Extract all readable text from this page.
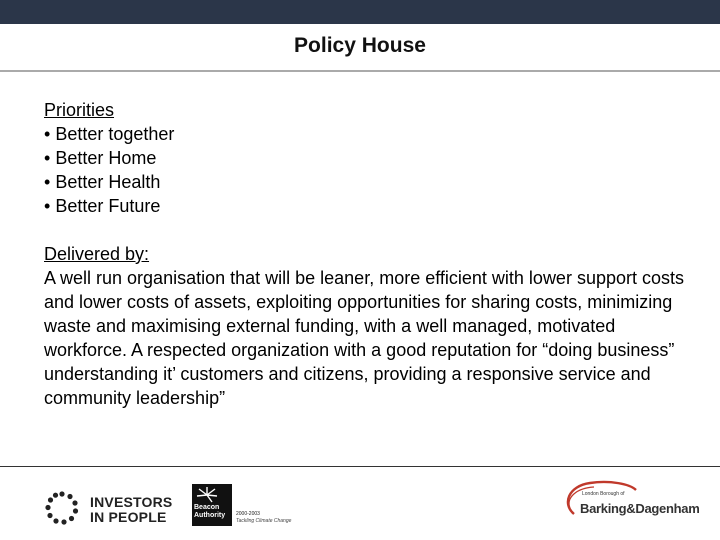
Policy House
Priorities
• Better together
• Better Home
• Better Health
• Better Future
Delivered by:
A well run organisation that will be leaner, more efficient with lower support costs and lower costs of assets, exploiting opportunities for sharing costs, minimizing waste and maximising external funding, with a well managed, motivated workforce. A respected organization with a good reputation for “doing business” understanding it’ customers and citizens, providing a responsive service and community leadership”
INVESTORS
IN PEOPLE
Beacon
Authority	2000-2003
Tackling Climate Change
London Borough of
Barking&Dagenham
